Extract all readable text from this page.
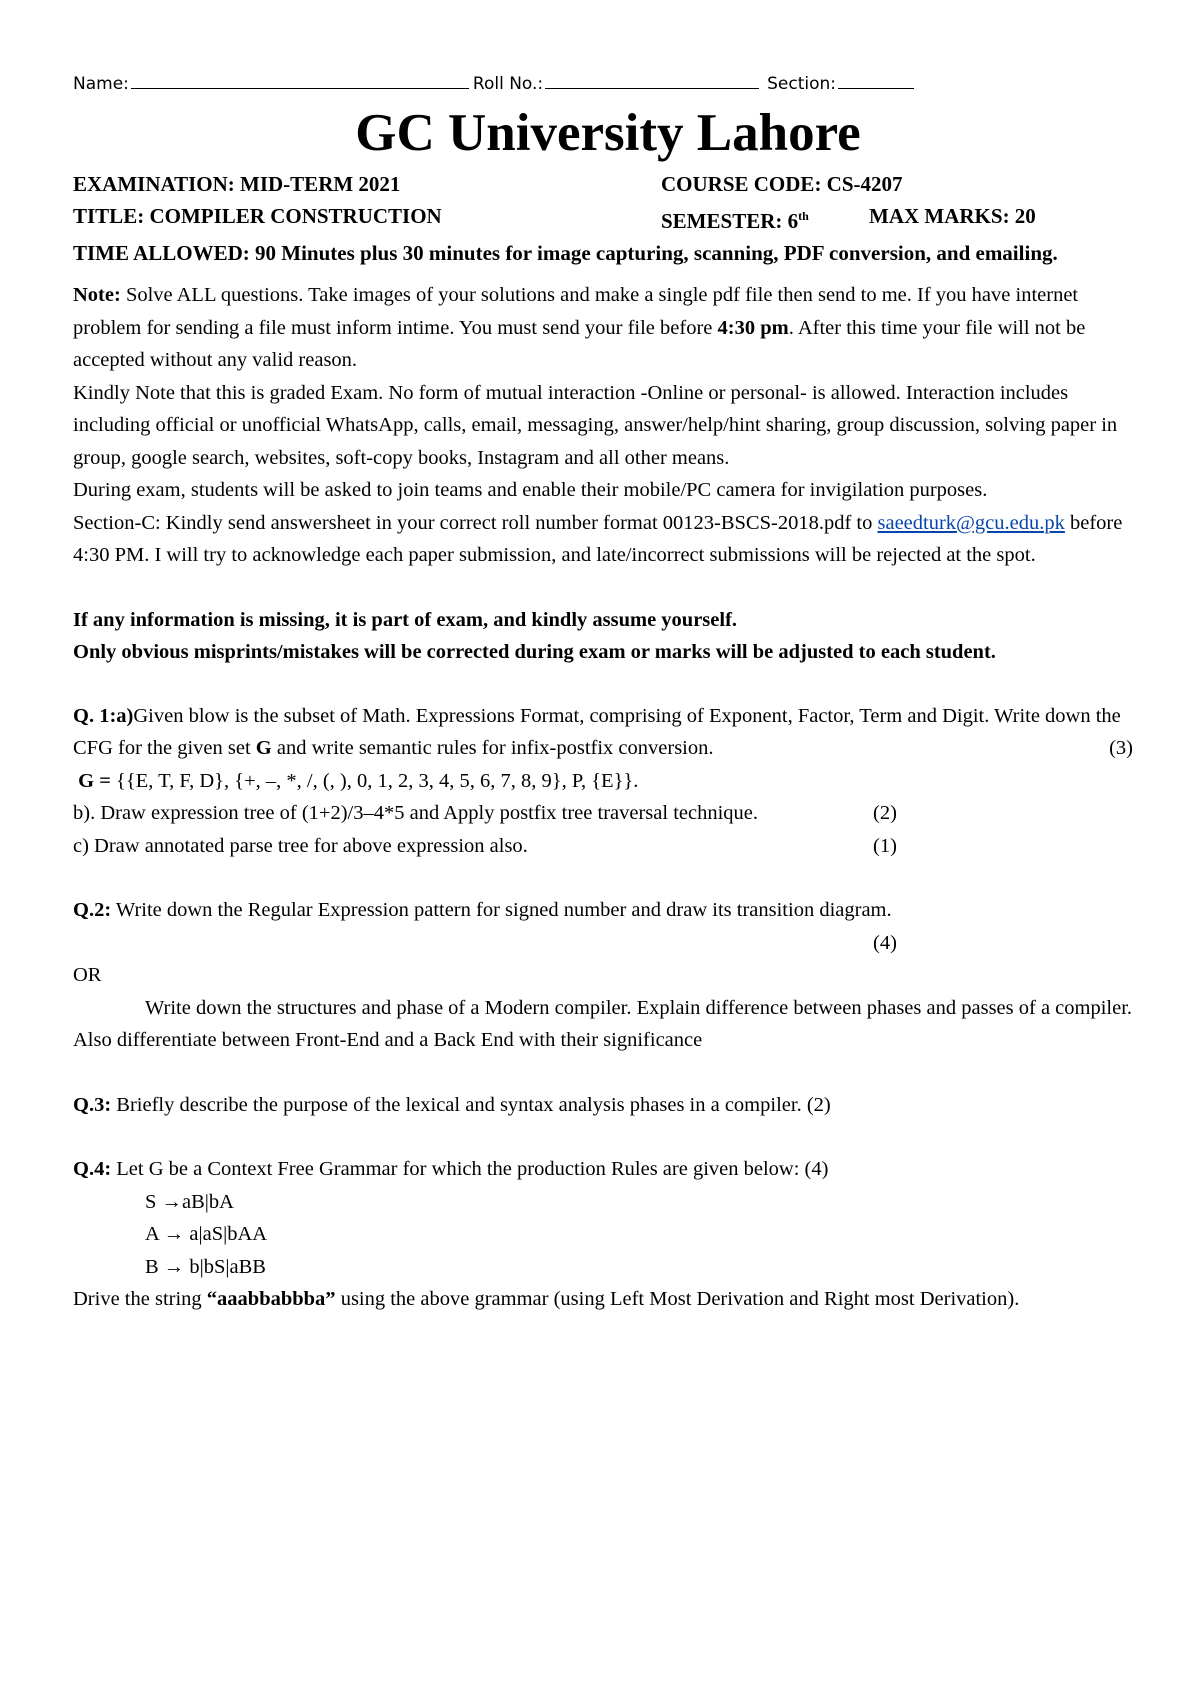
Name:	Roll No.:	Section:
GC University Lahore
EXAMINATION: MID-TERM 2021	COURSE CODE: CS-4207
TITLE: COMPILER CONSTRUCTION	SEMESTER: 6th	MAX MARKS: 20
TIME ALLOWED: 90 Minutes plus 30 minutes for image capturing, scanning, PDF conversion, and emailing.

Note: Solve ALL questions. Take images of your solutions and make a single pdf file then send to me. If you have internet problem for sending a file must inform intime. You must send your file before 4:30 pm. After this time your file will not be accepted without any valid reason.

Kindly Note that this is graded Exam. No form of mutual interaction -Online or personal- is allowed. Interaction includes including official or unofficial WhatsApp, calls, email, messaging, answer/help/hint sharing, group discussion, solving paper in group, google search, websites, soft-copy books, Instagram and all other means.

During exam, students will be asked to join teams and enable their mobile/PC camera for invigilation purposes.

Section-C: Kindly send answersheet in your correct roll number format 00123-BSCS-2018.pdf to saeedturk@gcu.edu.pk before 4:30 PM. I will try to acknowledge each paper submission, and late/incorrect submissions will be rejected at the spot.

If any information is missing, it is part of exam, and kindly assume yourself.

Only obvious misprints/mistakes will be corrected during exam or marks will be adjusted to each student.

Q. 1:a)Given blow is the subset of Math. Expressions Format, comprising of Exponent, Factor, Term and Digit. Write down the CFG for the given set G and write semantic rules for infix-postfix conversion.	(3)

G = {{E, T, F, D}, {+, –, *, /, (, ), 0, 1, 2, 3, 4, 5, 6, 7, 8, 9}, P, {E}}.

b). Draw expression tree of (1+2)/3–4*5 and Apply postfix tree traversal technique.	(2)

c) Draw annotated parse tree for above expression also.	(1)

Q.2: Write down the Regular Expression pattern for signed number and draw its transition diagram.

(4)

OR

Write down the structures and phase of a Modern compiler. Explain difference between phases and passes of a compiler. Also differentiate between Front-End and a Back End with their significance

Q.3: Briefly describe the purpose of the lexical and syntax analysis phases in a compiler. (2)

Q.4: Let G be a Context Free Grammar for which the production Rules are given below: (4)

S →aB|bA

A → a|aS|bAA

B → b|bS|aBB

Drive the string “aaabbabbba” using the above grammar (using Left Most Derivation and Right most Derivation).
